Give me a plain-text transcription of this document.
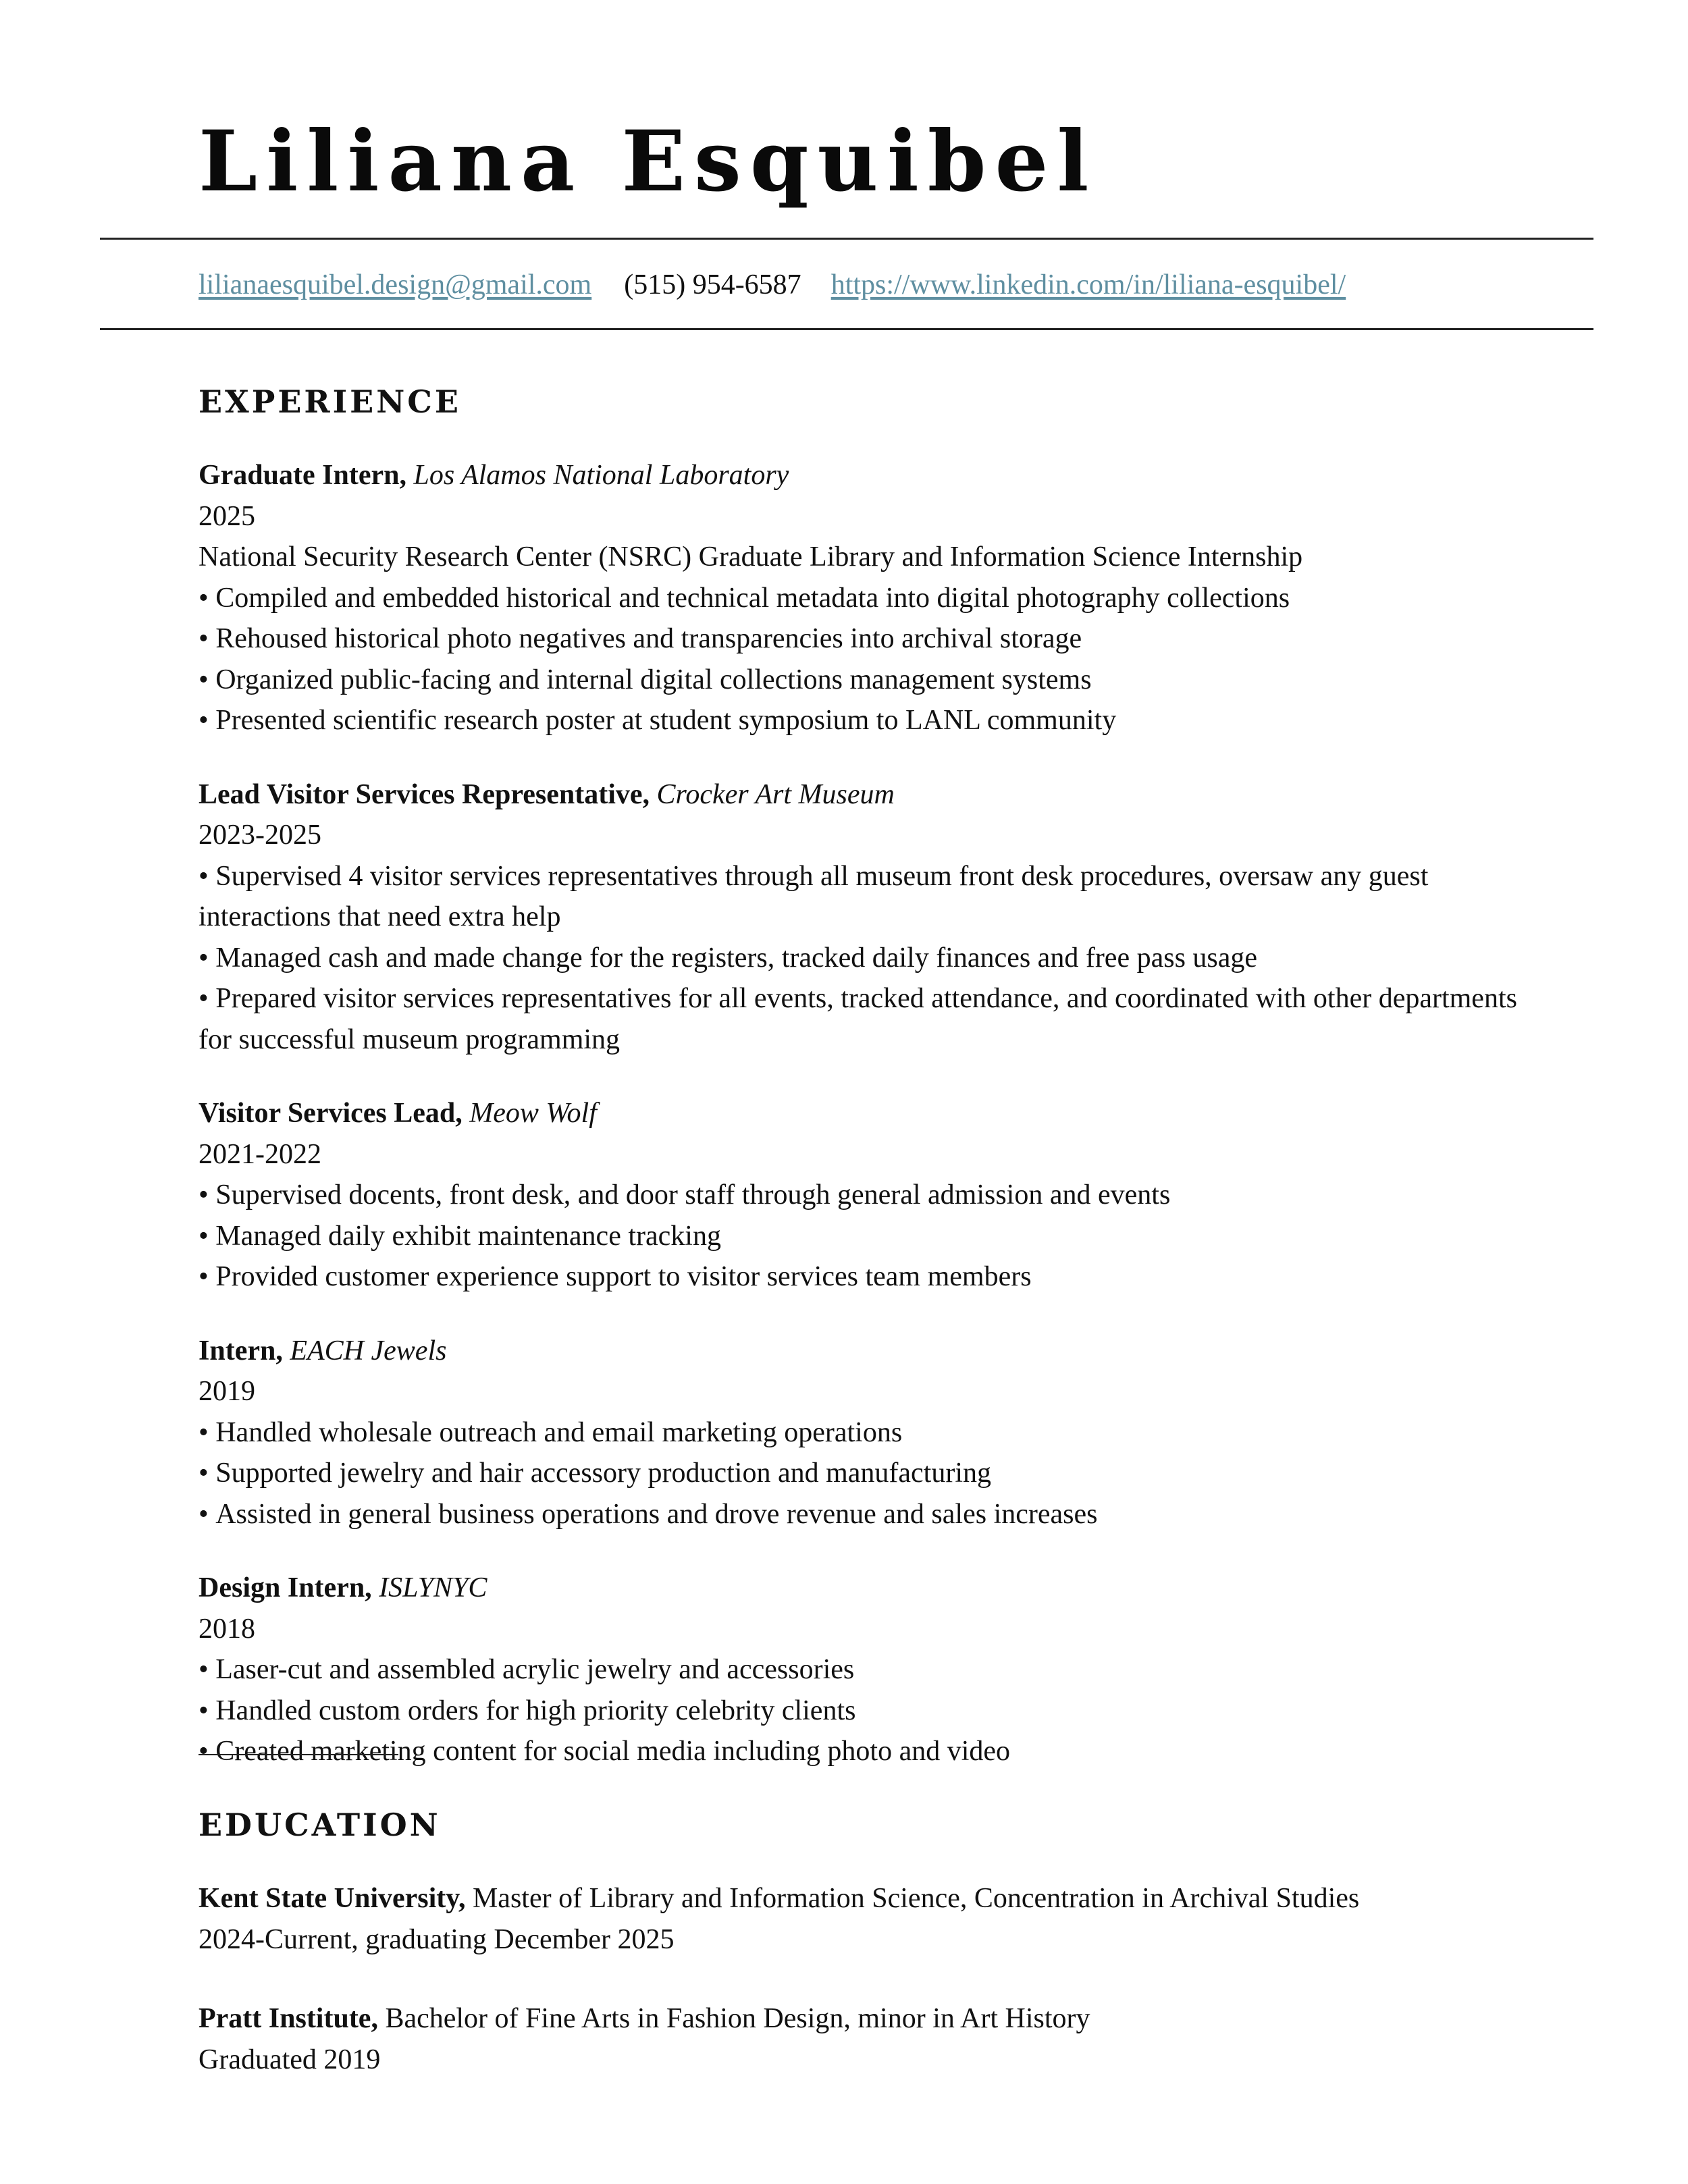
Liliana Esquibel
lilianaesquibel.design@gmail.com (515) 954-6587 https://www.linkedin.com/in/liliana-esquibel/
EXPERIENCE

Graduate Intern, Los Alamos National Laboratory

2025

National Security Research Center (NSRC) Graduate Library and Information Science Internship

• Compiled and embedded historical and technical metadata into digital photography collections
• Rehoused historical photo negatives and transparencies into archival storage
• Organized public-facing and internal digital collections management systems
• Presented scientific research poster at student symposium to LANL community

Lead Visitor Services Representative, Crocker Art Museum

2023-2025

• Supervised 4 visitor services representatives through all museum front desk procedures, oversaw any guest interactions that need extra help
• Managed cash and made change for the registers, tracked daily finances and free pass usage
• Prepared visitor services representatives for all events, tracked attendance, and coordinated with other departments for successful museum programming

Visitor Services Lead, Meow Wolf

2021-2022

• Supervised docents, front desk, and door staff through general admission and events
• Managed daily exhibit maintenance tracking
• Provided customer experience support to visitor services team members

Intern, EACH Jewels

2019

• Handled wholesale outreach and email marketing operations
• Supported jewelry and hair accessory production and manufacturing
• Assisted in general business operations and drove revenue and sales increases

Design Intern, ISLYNYC

2018

• Laser-cut and assembled acrylic jewelry and accessories
• Handled custom orders for high priority celebrity clients
• Created marketing content for social media including photo and video
EDUCATION

Kent State University, Master of Library and Information Science, Concentration in Archival Studies

2024-Current, graduating December 2025

Pratt Institute, Bachelor of Fine Arts in Fashion Design, minor in Art History

Graduated 2019
